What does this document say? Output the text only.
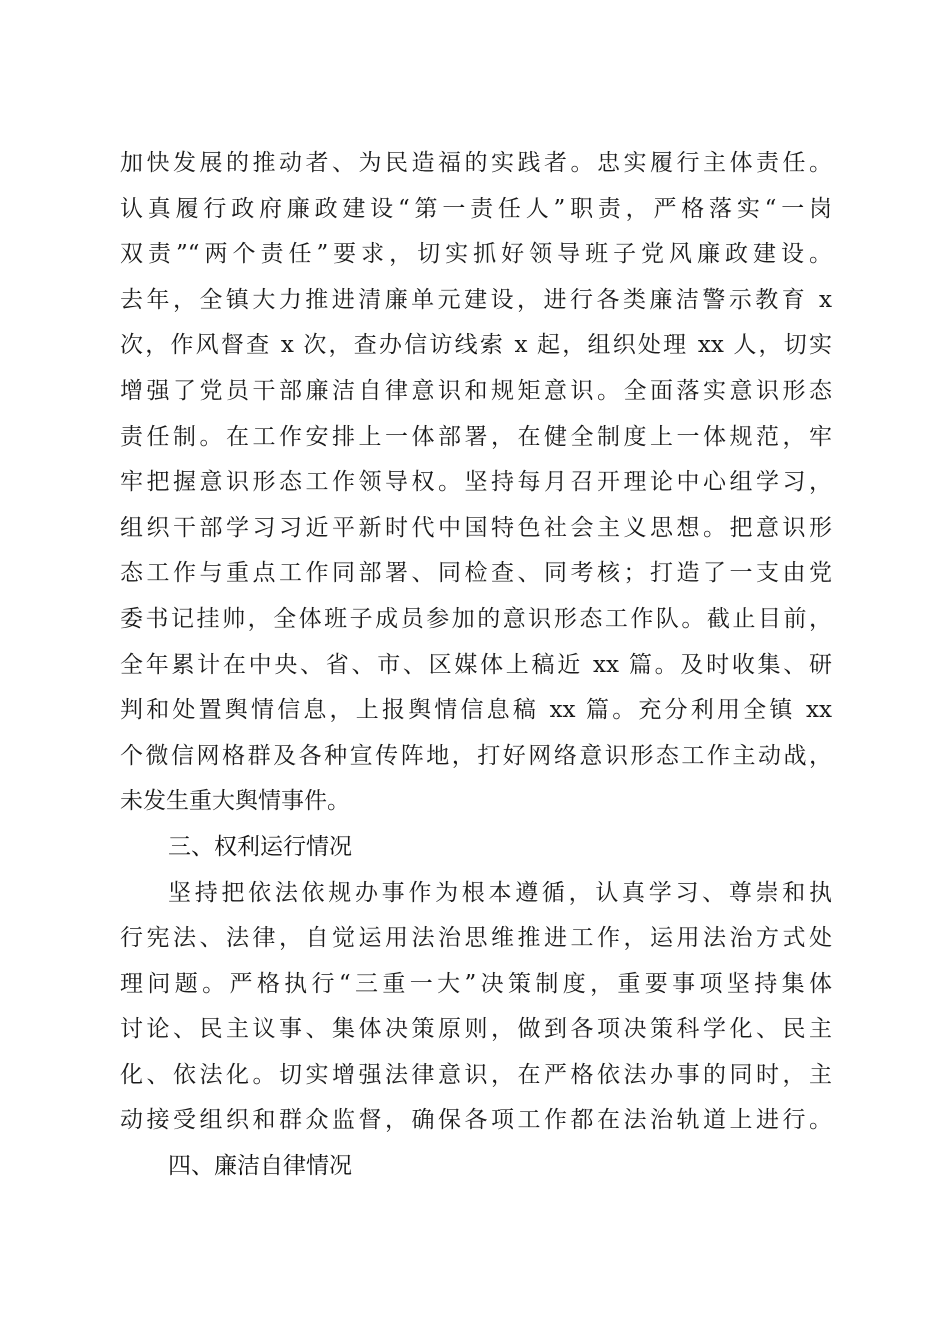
加快发展的推动者、为民造福的实践者。忠实履行主体责任。
认真履行政府廉政建设“第一责任人”职责，严格落实“一岗
双责”“两个责任”要求，切实抓好领导班子党风廉政建设。
去年，全镇大力推进清廉单元建设，进行各类廉洁警示教育 x
次，作风督查 x 次，查办信访线索 x 起，组织处理 xx 人，切实
增强了党员干部廉洁自律意识和规矩意识。全面落实意识形态
责任制。在工作安排上一体部署，在健全制度上一体规范，牢
牢把握意识形态工作领导权。坚持每月召开理论中心组学习，
组织干部学习习近平新时代中国特色社会主义思想。把意识形
态工作与重点工作同部署、同检查、同考核；打造了一支由党
委书记挂帅，全体班子成员参加的意识形态工作队。截止目前，
全年累计在中央、省、市、区媒体上稿近 xx 篇。及时收集、研
判和处置舆情信息，上报舆情信息稿 xx 篇。充分利用全镇 xx
个微信网格群及各种宣传阵地，打好网络意识形态工作主动战，
未发生重大舆情事件。
三、权利运行情况
坚持把依法依规办事作为根本遵循，认真学习、尊崇和执
行宪法、法律，自觉运用法治思维推进工作，运用法治方式处
理问题。严格执行“三重一大”决策制度，重要事项坚持集体
讨论、民主议事、集体决策原则，做到各项决策科学化、民主
化、依法化。切实增强法律意识，在严格依法办事的同时，主
动接受组织和群众监督，确保各项工作都在法治轨道上进行。
四、廉洁自律情况
